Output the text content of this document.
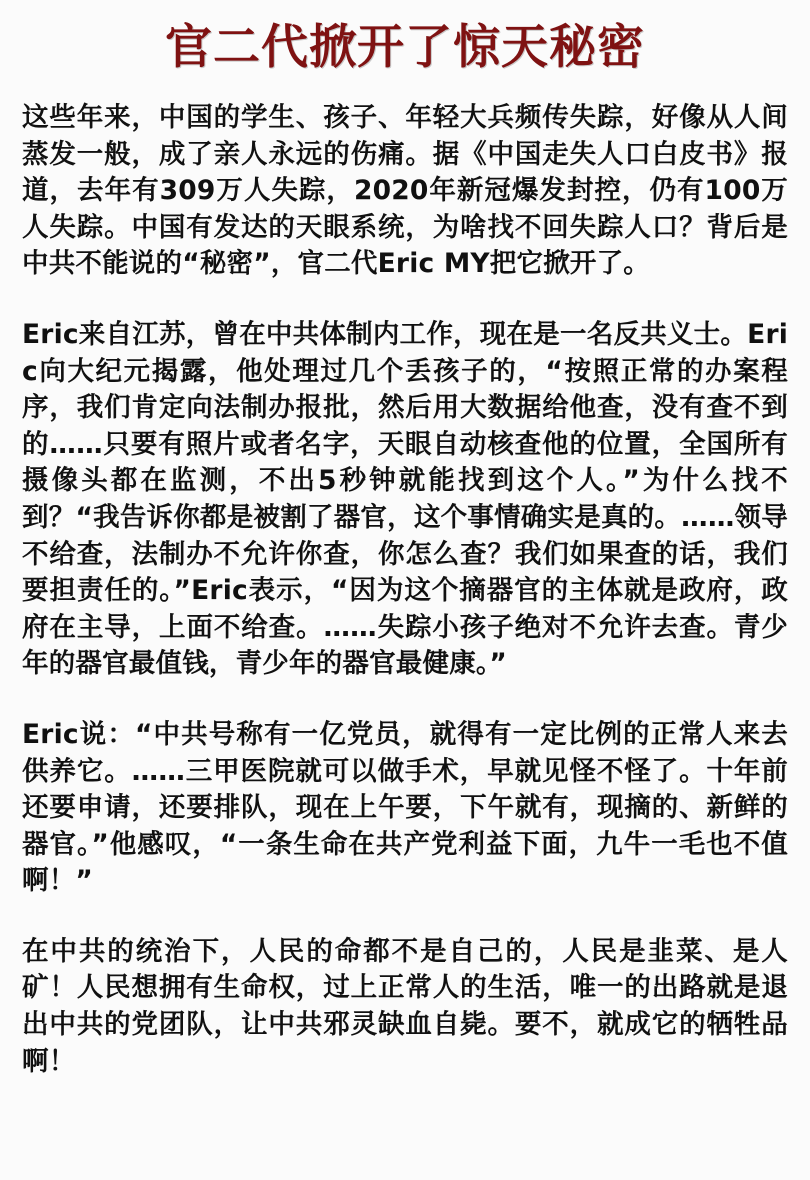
官二代掀开了惊天秘密

这些年来，中国的学生、孩子、年轻大兵频传失踪，好像从人间蒸发一般，成了亲人永远的伤痛。据《中国走失人口白皮书》报道，去年有309万人失踪，2020年新冠爆发封控，仍有100万人失踪。中国有发达的天眼系统，为啥找不回失踪人口？背后是中共不能说的“秘密”，官二代Eric MY把它掀开了。

Eric来自江苏，曾在中共体制内工作，现在是一名反共义士。Eric向大纪元揭露，他处理过几个丢孩子的，“按照正常的办案程序，我们肯定向法制办报批，然后用大数据给他查，没有查不到的……只要有照片或者名字，天眼自动核查他的位置，全国所有摄像头都在监测，不出5秒钟就能找到这个人。”为什么找不到？“我告诉你都是被割了器官，这个事情确实是真的。……领导不给查，法制办不允许你查，你怎么查？我们如果查的话，我们要担责任的。”Eric表示，“因为这个摘器官的主体就是政府，政府在主导，上面不给查。……失踪小孩子绝对不允许去查。青少年的器官最值钱，青少年的器官最健康。”

Eric说：“中共号称有一亿党员，就得有一定比例的正常人来去供养它。……三甲医院就可以做手术，早就见怪不怪了。十年前还要申请，还要排队，现在上午要，下午就有，现摘的、新鲜的器官。”他感叹，“一条生命在共产党利益下面，九牛一毛也不值啊！”

在中共的统治下，人民的命都不是自己的，人民是韭菜、是人矿！人民想拥有生命权，过上正常人的生活，唯一的出路就是退出中共的党团队，让中共邪灵缺血自毙。要不，就成它的牺牲品啊！
